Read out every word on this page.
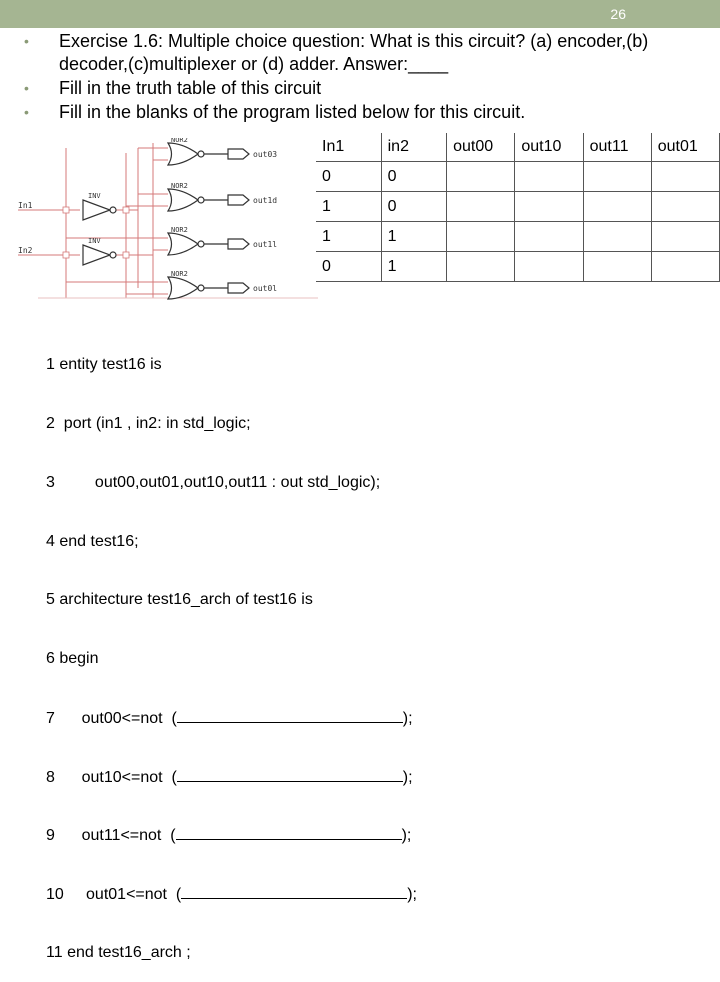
26
• Exercise 1.6: Multiple choice question: What is this circuit? (a) encoder,(b) decoder,(c)multiplexer or (d) adder. Answer:____
• Fill in the truth table of this circuit
• Fill in the blanks of the program listed below for this circuit.
In1
In2
out03
out1d
out1l
out0l
NOR2
NOR2
NOR2
NOR2
INV
INV
In1	in2	out00	out10	out11	out01
0	0				
1	0				
1	1				
0	1				

1 entity test16 is

2  port (in1 , in2: in std_logic;

3         out00,out01,out10,out11 : out std_logic);

4 end test16;

5 architecture test16_arch of test16 is

6 begin

7      out00<=not  (	);

8      out10<=not  (	);

9      out11<=not  (	);

10     out01<=not  (	);

11 end test16_arch ;
